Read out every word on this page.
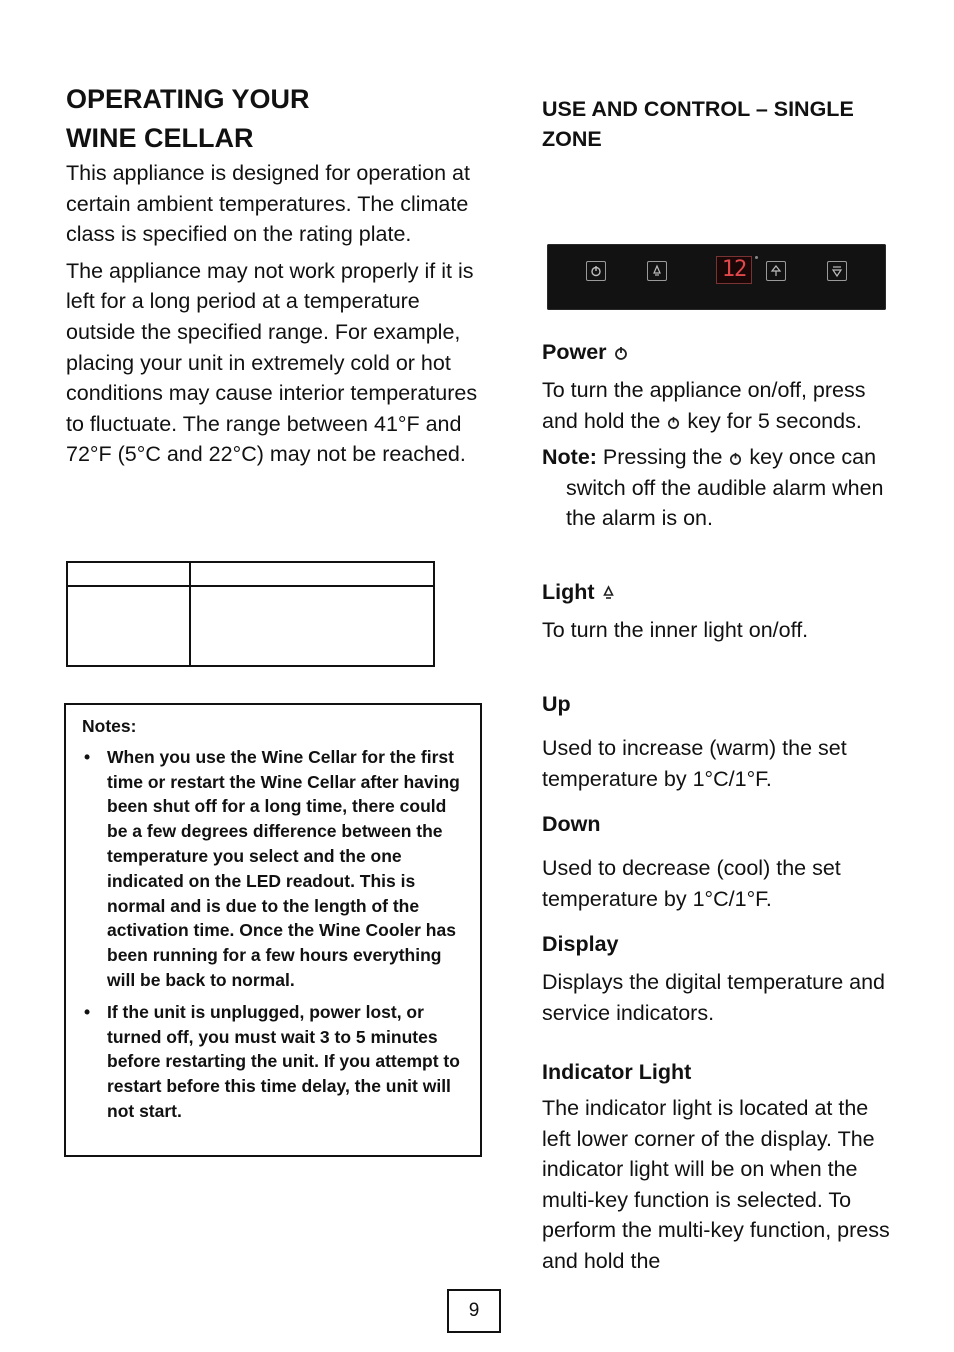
OPERATING YOUR
WINE CELLAR

This appliance is designed for operation at certain ambient temperatures. The climate class is specified on the rating plate.

The appliance may not work properly if it is left for a long period at a temperature outside the specified range. For example, placing your unit in extremely cold or hot conditions may cause interior temperatures to fluctuate. The range between 41°F and 72°F (5°C and 22°C) may not be reached.

Notes:
• When you use the Wine Cellar for the first time or restart the Wine Cellar after having been shut off for a long time, there could be a few degrees difference between the temperature you select and the one indicated on the LED readout. This is normal and is due to the length of the activation time. Once the Wine Cooler has been running for a few hours everything will be back to normal.
• If the unit is unplugged, power lost, or turned off, you must wait 3 to 5 minutes before restarting the unit. If you attempt to restart before this time delay, the unit will not start.
12
USE AND CONTROL – SINGLE ZONE
Power

To turn the appliance on/off, press and hold the key for 5 seconds.

Note: Pressing the key once can switch off the audible alarm when the alarm is on.

Light

To turn the inner light on/off.

Up

Used to increase (warm) the set temperature by 1°C/1°F.

Down

Used to decrease (cool) the set temperature by 1°C/1°F.

Display

Displays the digital temperature and service indicators.

Indicator Light

The indicator light is located at the left lower corner of the display. The indicator light will be on when the multi-key function is selected. To perform the multi-key function, press and hold the

9
